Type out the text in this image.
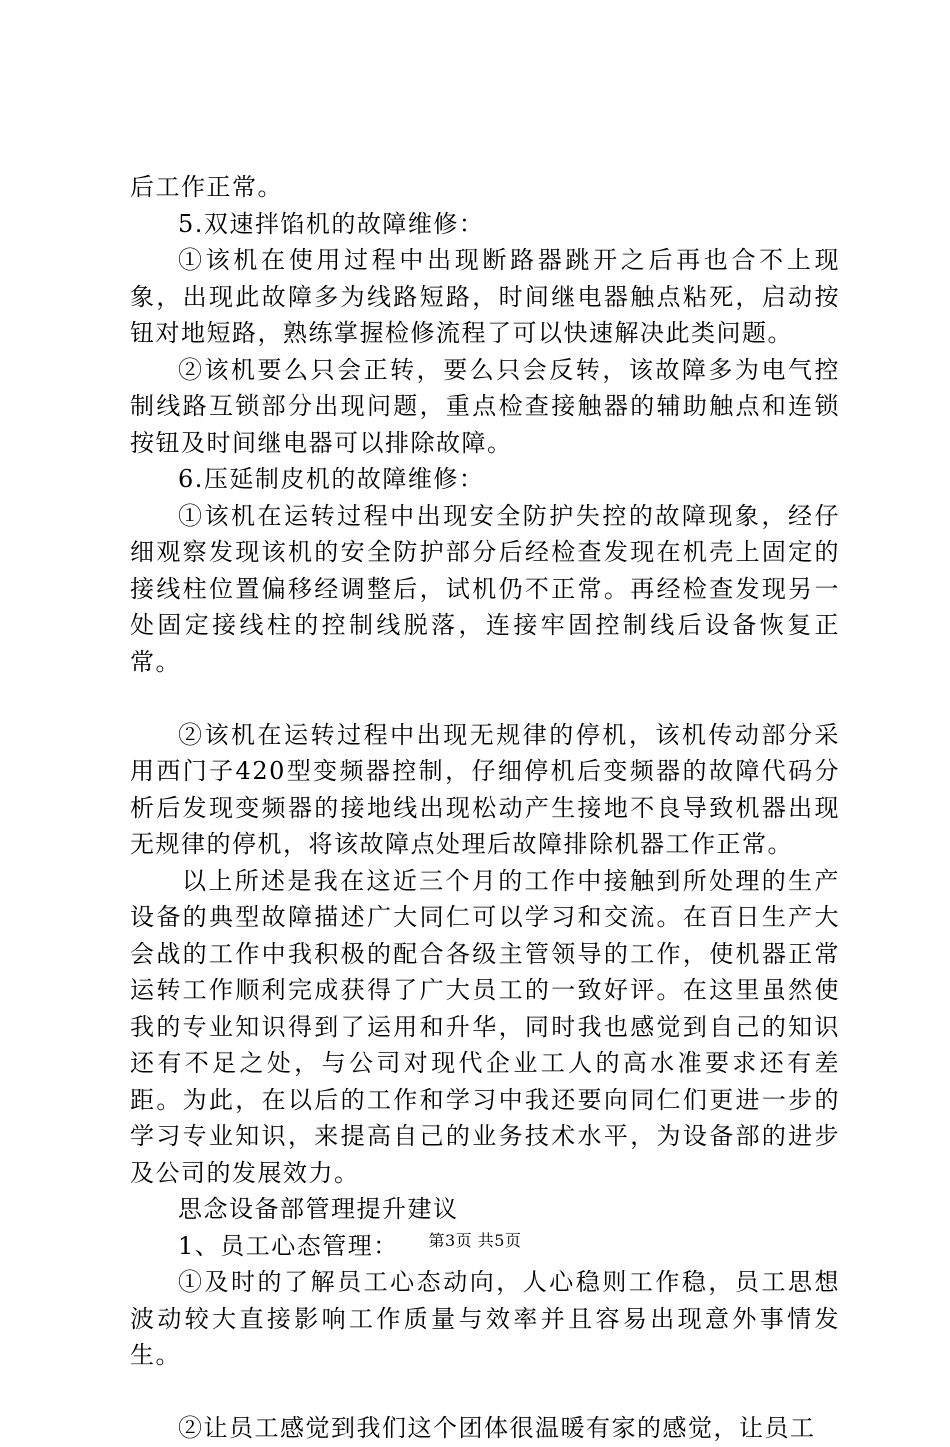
后工作正常。

5.双速拌馅机的故障维修：

①该机在使用过程中出现断路器跳开之后再也合不上现象，出现此故障多为线路短路，时间继电器触点粘死，启动按钮对地短路，熟练掌握检修流程了可以快速解决此类问题。

②该机要么只会正转，要么只会反转，该故障多为电气控制线路互锁部分出现问题，重点检查接触器的辅助触点和连锁按钮及时间继电器可以排除故障。

6.压延制皮机的故障维修：

①该机在运转过程中出现安全防护失控的故障现象，经仔细观察发现该机的安全防护部分后经检查发现在机壳上固定的接线柱位置偏移经调整后，试机仍不正常。再经检查发现另一处固定接线柱的控制线脱落，连接牢固控制线后设备恢复正常。

②该机在运转过程中出现无规律的停机，该机传动部分采用西门子420型变频器控制，仔细停机后变频器的故障代码分析后发现变频器的接地线出现松动产生接地不良导致机器出现无规律的停机，将该故障点处理后故障排除机器工作正常。

以上所述是我在这近三个月的工作中接触到所处理的生产设备的典型故障描述广大同仁可以学习和交流。在百日生产大会战的工作中我积极的配合各级主管领导的工作，使机器正常运转工作顺利完成获得了广大员工的一致好评。在这里虽然使我的专业知识得到了运用和升华，同时我也感觉到自己的知识还有不足之处，与公司对现代企业工人的高水准要求还有差距。为此，在以后的工作和学习中我还要向同仁们更进一步的学习专业知识，来提高自己的业务技术水平，为设备部的进步及公司的发展效力。

思念设备部管理提升建议

1、员工心态管理：

①及时的了解员工心态动向，人心稳则工作稳，员工思想波动较大直接影响工作质量与效率并且容易出现意外事情发生。

②让员工感觉到我们这个团体很温暖有家的感觉，让员工

第3页 共5页
